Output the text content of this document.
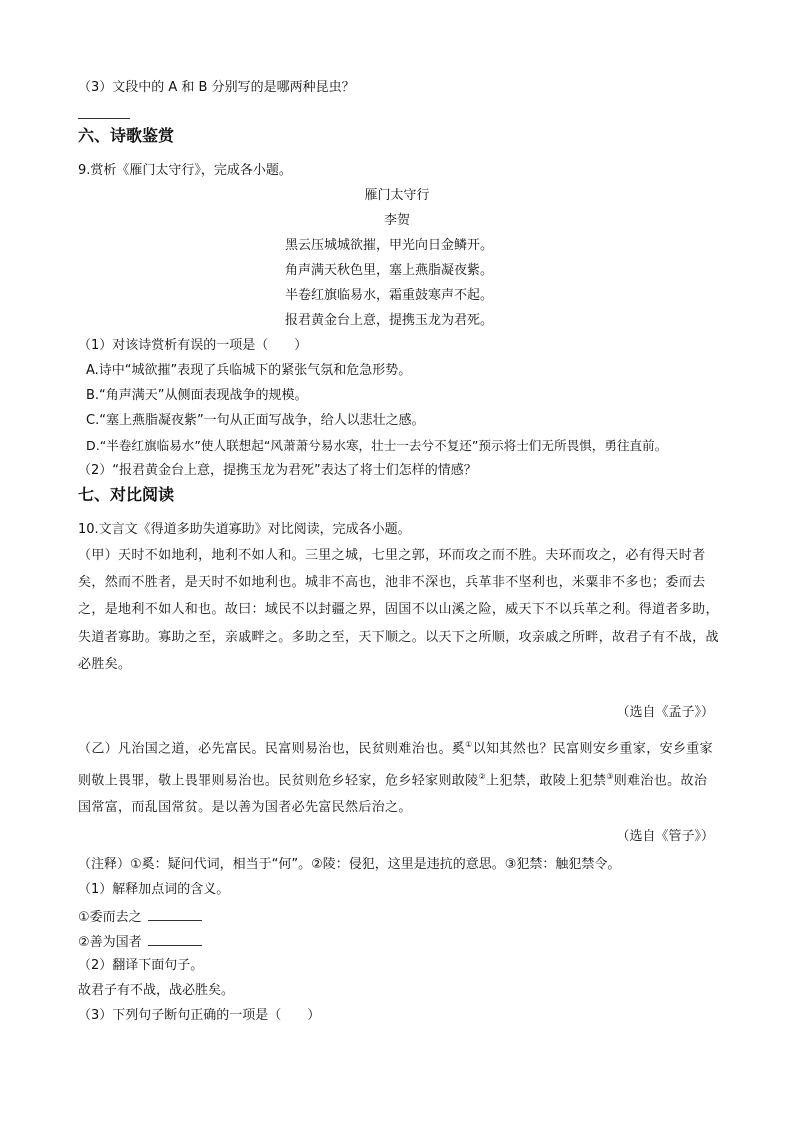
（3）文段中的 A 和 B 分别写的是哪两种昆虫？
六、诗歌鉴赏
9.赏析《雁门太守行》，完成各小题。
雁门太守行
李贺
黑云压城城欲摧，甲光向日金鳞开。
角声满天秋色里，塞上燕脂凝夜紫。
半卷红旗临易水，霜重鼓寒声不起。
报君黄金台上意，提携玉龙为君死。
（1）对该诗赏析有误的一项是（　　）
A.诗中“城欲摧”表现了兵临城下的紧张气氛和危急形势。
B.“角声满天”从侧面表现战争的规模。
C.“塞上燕脂凝夜紫”一句从正面写战争，给人以悲壮之感。
D.“半卷红旗临易水”使人联想起“风萧萧兮易水寒，壮士一去兮不复还”预示将士们无所畏惧，勇往直前。
（2）“报君黄金台上意，提携玉龙为君死”表达了将士们怎样的情感？
七、对比阅读
10.文言文《得道多助失道寡助》对比阅读，完成各小题。
（甲）天时不如地利，地利不如人和。三里之城，七里之郭，环而攻之而不胜。夫环而攻之，必有得天时者矣，然而不胜者，是天时不如地利也。城非不高也，池非不深也，兵革非不坚利也，米粟非不多也；委而去之，是地利不如人和也。故曰：域民不以封疆之界，固国不以山溪之险，威天下不以兵革之利。得道者多助，失道者寡助。寡助之至，亲戚畔之。多助之至，天下顺之。以天下之所顺，攻亲戚之所畔，故君子有不战，战必胜矣。
（选自《孟子》）
（乙）凡治国之道，必先富民。民富则易治也，民贫则难治也。奚①以知其然也？民富则安乡重家，安乡重家则敬上畏罪，敬上畏罪则易治也。民贫则危乡轻家，危乡轻家则敢陵②上犯禁，敢陵上犯禁③则难治也。故治国常富，而乱国常贫。是以善为国者必先富民然后治之。
（选自《管子》）
（注释）①奚：疑问代词，相当于“何”。②陵：侵犯，这里是违抗的意思。③犯禁：触犯禁令。
（1）解释加点词的含义。
①委而去之
②善为国者
（2）翻译下面句子。
故君子有不战，战必胜矣。
（3）下列句子断句正确的一项是（　　）
